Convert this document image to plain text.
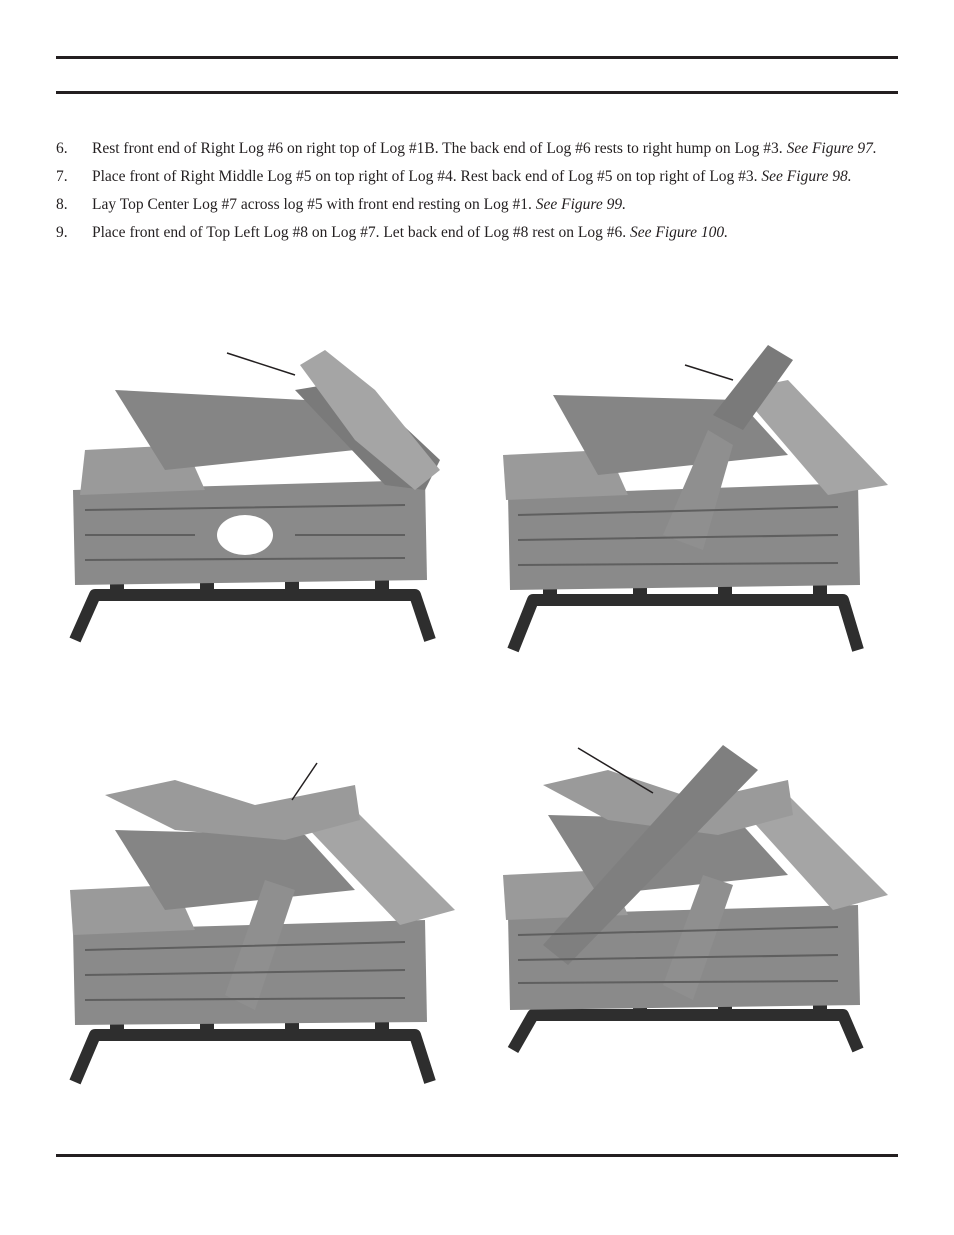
6. Rest front end of Right Log #6 on right top of Log #1B. The back end of Log #6 rests to right hump on Log #3. See Figure 97.
7. Place front of Right Middle Log #5 on top right of Log #4. Rest back end of Log #5 on top right of Log #3. See Figure 98.
8. Lay Top Center Log #7 across log #5 with front end resting on Log #1. See Figure 99.
9. Place front end of Top Left Log #8 on Log #7. Let back end of Log #8 rest on Log #6. See Figure 100.
